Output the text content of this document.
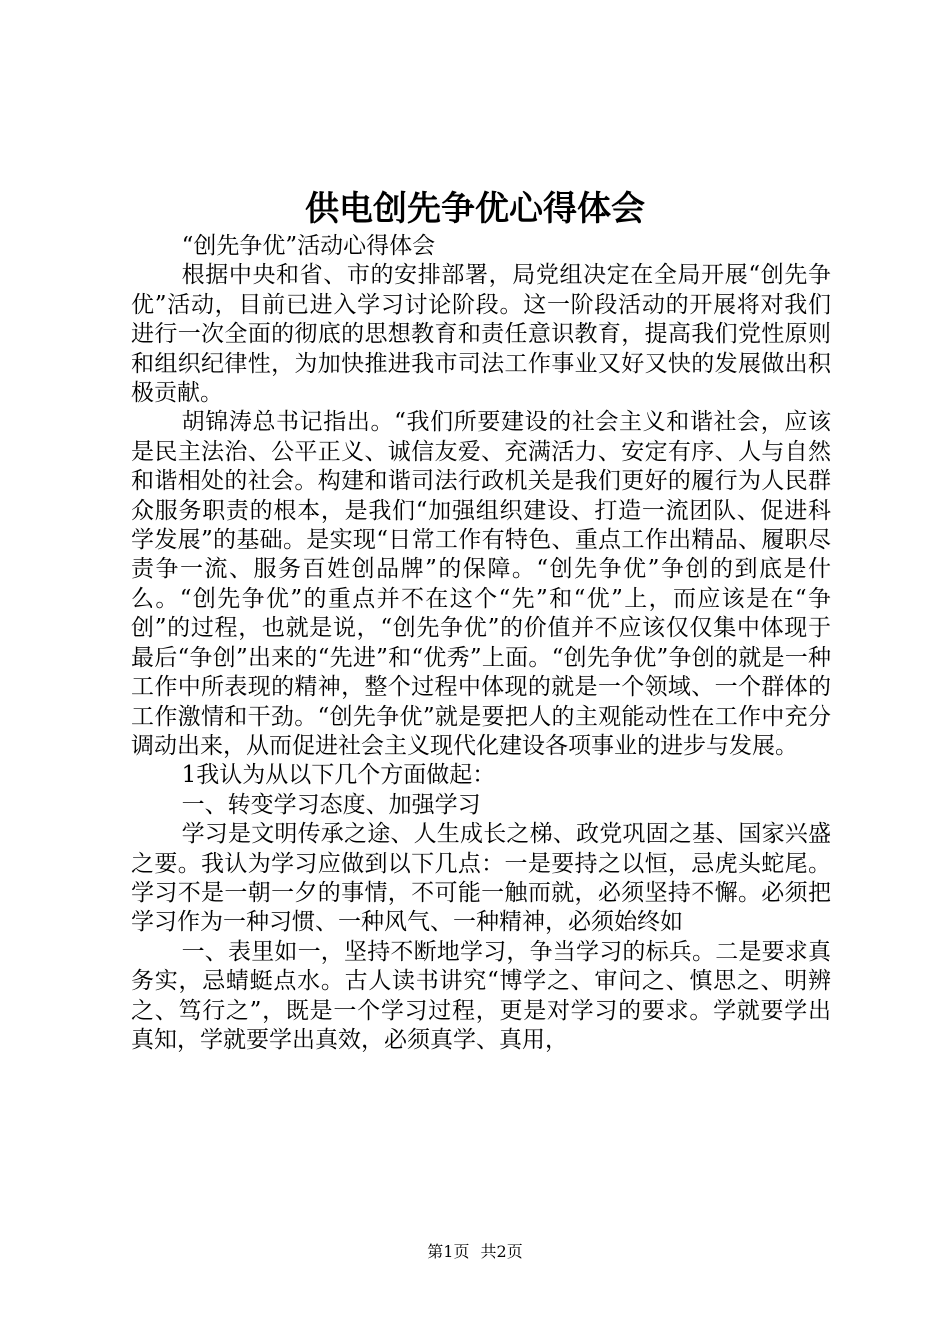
供电创先争优心得体会

“创先争优”活动心得体会

根据中央和省、市的安排部署，局党组决定在全局开展“创先争优”活动，目前已进入学习讨论阶段。这一阶段活动的开展将对我们进行一次全面的彻底的思想教育和责任意识教育，提高我们党性原则和组织纪律性，为加快推进我市司法工作事业又好又快的发展做出积极贡献。

胡锦涛总书记指出。“我们所要建设的社会主义和谐社会，应该是民主法治、公平正义、诚信友爱、充满活力、安定有序、人与自然和谐相处的社会。构建和谐司法行政机关是我们更好的履行为人民群众服务职责的根本，是我们“加强组织建设、打造一流团队、促进科学发展”的基础。是实现“日常工作有特色、重点工作出精品、履职尽责争一流、服务百姓创品牌”的保障。“创先争优”争创的到底是什么。“创先争优”的重点并不在这个“先”和“优”上，而应该是在“争创”的过程，也就是说，“创先争优”的价值并不应该仅仅集中体现于最后“争创”出来的“先进”和“优秀”上面。“创先争优”争创的就是一种工作中所表现的精神，整个过程中体现的就是一个领域、一个群体的工作激情和干劲。“创先争优”就是要把人的主观能动性在工作中充分调动出来，从而促进社会主义现代化建设各项事业的进步与发展。

1我认为从以下几个方面做起：

一、转变学习态度、加强学习

学习是文明传承之途、人生成长之梯、政党巩固之基、国家兴盛之要。我认为学习应做到以下几点：一是要持之以恒，忌虎头蛇尾。学习不是一朝一夕的事情，不可能一触而就，必须坚持不懈。必须把学习作为一种习惯、一种风气、一种精神，必须始终如

一、表里如一，坚持不断地学习，争当学习的标兵。二是要求真务实，忌蜻蜓点水。古人读书讲究“博学之、审问之、慎思之、明辨之、笃行之”，既是一个学习过程，更是对学习的要求。学就要学出真知，学就要学出真效，必须真学、真用，

第1页 共2页
